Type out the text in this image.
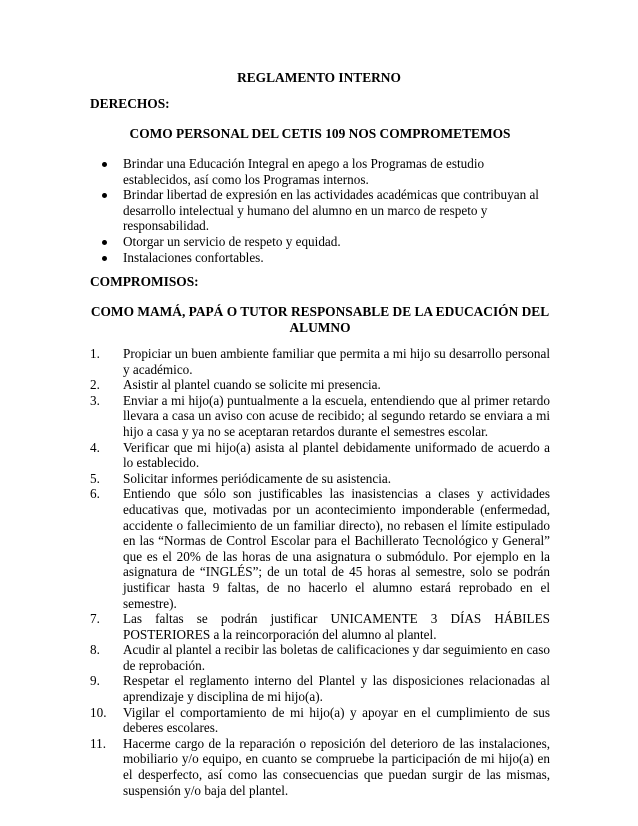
REGLAMENTO INTERNO
DERECHOS:
COMO PERSONAL DEL CETIS 109 NOS COMPROMETEMOS
Brindar una Educación Integral en apego a los Programas de estudio establecidos, así como los Programas internos.
Brindar libertad de expresión en las actividades académicas que contribuyan al desarrollo intelectual y humano del alumno en un marco de respeto y responsabilidad.
Otorgar un servicio de respeto y equidad.
Instalaciones confortables.
COMPROMISOS:
COMO MAMÁ, PAPÁ O TUTOR RESPONSABLE DE LA EDUCACIÓN DEL
ALUMNO
1.	Propiciar un buen ambiente familiar que permita a mi hijo su desarrollo personal y académico.
2.	Asistir al plantel cuando se solicite mi presencia.
3.	Enviar a mi hijo(a) puntualmente a la escuela, entendiendo que al primer retardo llevara a casa un aviso con acuse de recibido; al segundo retardo se enviara a mi hijo a casa y ya no se aceptaran retardos durante el semestres escolar.
4.	Verificar que mi hijo(a) asista al plantel debidamente uniformado de acuerdo a lo establecido.
5.	Solicitar informes periódicamente de su asistencia.
6.	Entiendo que sólo son justificables las inasistencias a clases y actividades educativas que, motivadas por un acontecimiento imponderable (enfermedad, accidente o fallecimiento de un familiar directo), no rebasen el límite estipulado en las “Normas de Control Escolar para el Bachillerato Tecnológico y General” que es el 20% de las horas de una asignatura o submódulo. Por ejemplo en la asignatura de “INGLÉS”; de un total de 45 horas al semestre, solo se podrán justificar hasta 9 faltas, de no hacerlo el alumno estará reprobado en el semestre).
7.	Las faltas se podrán justificar UNICAMENTE 3 DÍAS HÁBILES POSTERIORES a la reincorporación del alumno al plantel.
8.	Acudir al plantel a recibir las boletas de calificaciones y dar seguimiento en caso de reprobación.
9.	Respetar el reglamento interno del Plantel y las disposiciones relacionadas al aprendizaje y disciplina de mi hijo(a).
10.	Vigilar el comportamiento de mi hijo(a) y apoyar en el cumplimiento de sus deberes escolares.
11.	Hacerme cargo de la reparación o reposición del deterioro de las instalaciones, mobiliario y/o equipo, en cuanto se compruebe la participación de mi hijo(a) en el desperfecto, así como las consecuencias que puedan surgir de las mismas, suspensión y/o baja del plantel.
